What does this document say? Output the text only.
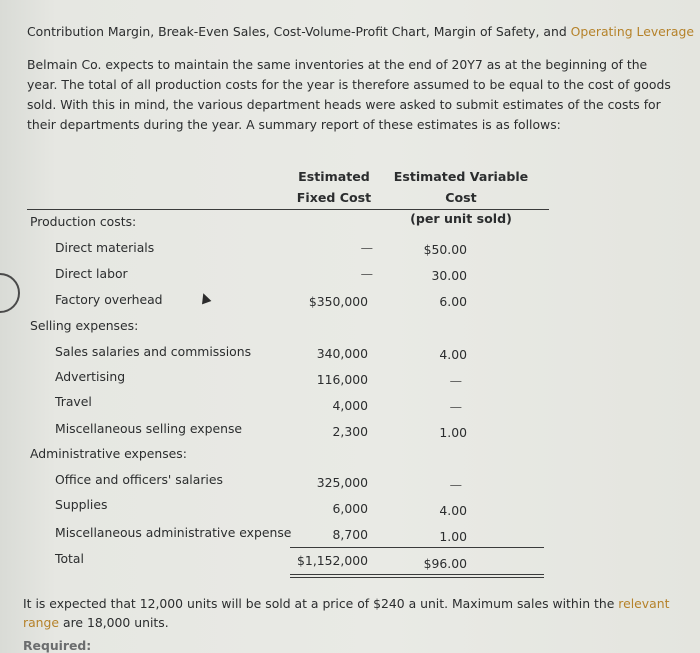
Contribution Margin, Break-Even Sales, Cost-Volume-Profit Chart, Margin of Safety, and Operating Leverage
Belmain Co. expects to maintain the same inventories at the end of 20Y7 as at the beginning of the year. The total of all production costs for the year is therefore assumed to be equal to the cost of goods sold. With this in mind, the various department heads were asked to submit estimates of the costs for their departments during the year. A summary report of these estimates is as follows:
Estimated
Fixed Cost
Estimated Variable Cost
(per unit sold)
Production costs:
Direct materials	—	$50.00
Direct labor	—	30.00
Factory overhead	$350,000	6.00
Selling expenses:
Sales salaries and commissions	340,000	4.00
Advertising	116,000	—
Travel	4,000	—
Miscellaneous selling expense	2,300	1.00
Administrative expenses:
Office and officers' salaries	325,000	—
Supplies	6,000	4.00
Miscellaneous administrative expense	8,700	1.00
Total	$1,152,000	$96.00
It is expected that 12,000 units will be sold at a price of $240 a unit. Maximum sales within the relevant range are 18,000 units.
Required:
